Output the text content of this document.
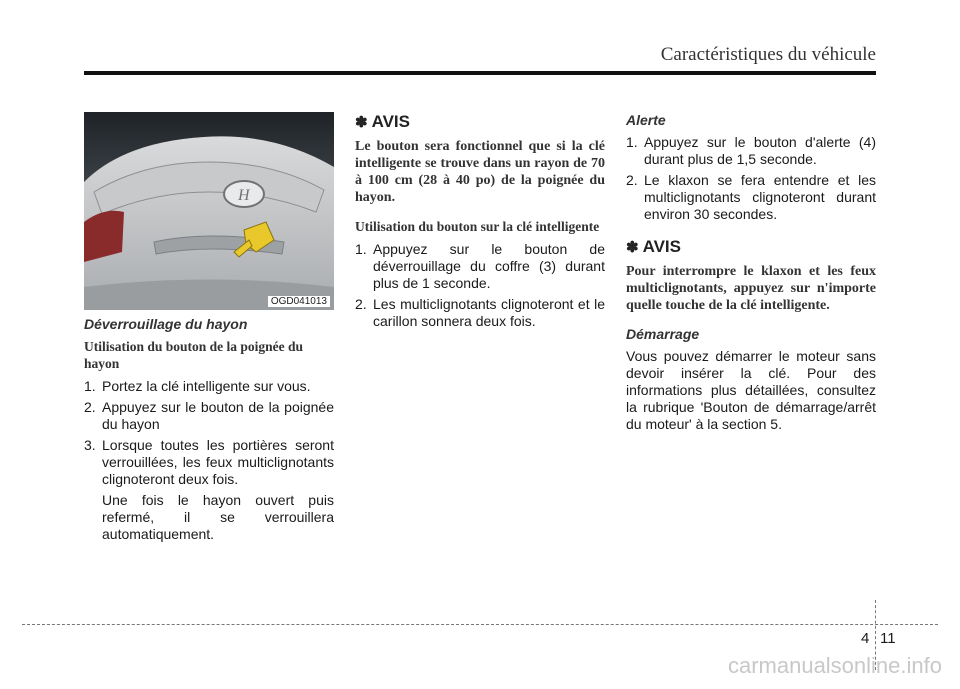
Caractéristiques du véhicule
H
OGD041013
Déverrouillage du hayon
Utilisation du bouton de la poignée du hayon
1. Portez la clé intelligente sur vous.
2. Appuyez sur le bouton de la poignée du hayon
3. Lorsque toutes les portières seront verrouillées, les feux multiclignotants clignoteront deux fois.
Une fois le hayon ouvert puis refermé, il se verrouillera automatiquement.
✽ AVIS
Le bouton sera fonctionnel que si la clé intelligente se trouve dans un rayon de 70 à 100 cm (28 à 40 po) de la poignée du hayon.
Utilisation du bouton sur la clé intelligente
1. Appuyez sur le bouton de déverrouillage du coffre (3) durant plus de 1 seconde.
2. Les multiclignotants clignoteront et le carillon sonnera deux fois.
Alerte
1. Appuyez sur le bouton d'alerte (4) durant plus de 1,5 seconde.
2. Le klaxon se fera entendre et les multiclignotants clignoteront durant environ 30 secondes.
✽ AVIS
Pour interrompre le klaxon et les feux multiclignotants, appuyez sur n'importe quelle touche de la clé intelligente.
Démarrage
Vous pouvez démarrer le moteur sans devoir insérer la clé. Pour des informations plus détaillées, consultez la rubrique 'Bouton de démarrage/arrêt du moteur' à la section 5.
4 11
carmanualsonline.info
